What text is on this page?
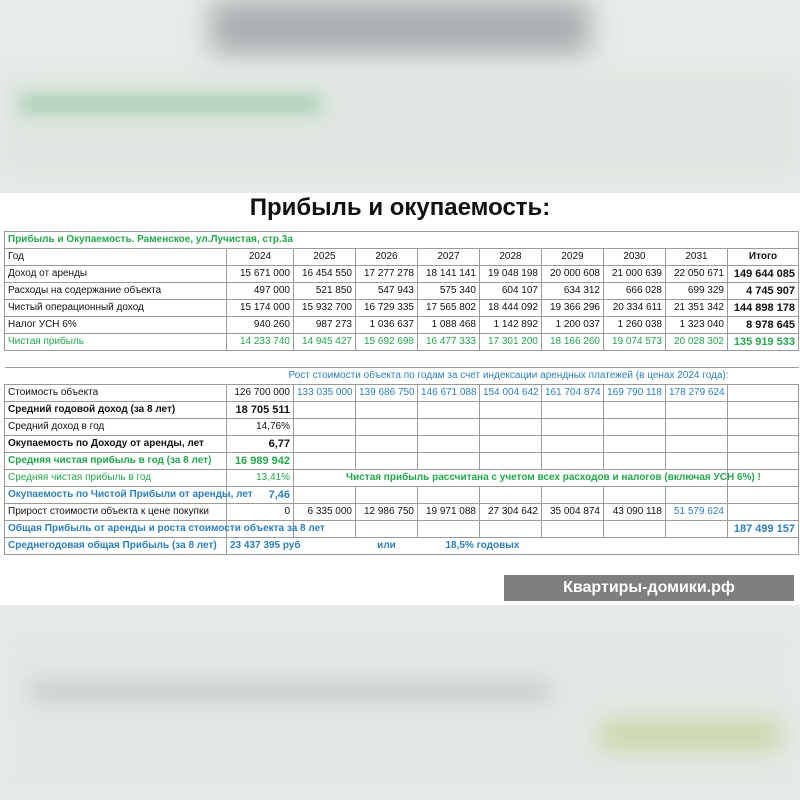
Прибыль и окупаемость:
Прибыль и Окупаемость. Раменское, ул.Лучистая, стр.3а									
Год	2024	2025	2026	2027	2028	2029	2030	2031	Итого
Доход от аренды	15 671 000	16 454 550	17 277 278	18 141 141	19 048 198	20 000 608	21 000 639	22 050 671	149 644 085
Расходы на содержание объекта	497 000	521 850	547 943	575 340	604 107	634 312	666 028	699 329	4 745 907
Чистый операционный доход	15 174 000	15 932 700	16 729 335	17 565 802	18 444 092	19 366 296	20 334 611	21 351 342	144 898 178
Налог УСН 6%	940 260	987 273	1 036 637	1 088 468	1 142 892	1 200 037	1 260 038	1 323 040	8 978 645
Чистая прибыль	14 233 740	14 945 427	15 692 698	16 477 333	17 301 200	18 166 260	19 074 573	20 028 302	135 919 533

	Рост стоимости объекта по годам за счет индексации арендных платежей (в ценах 2024 года):								
Стоимость объекта	126 700 000	133 035 000	139 686 750	146 671 088	154 004 642	161 704 874	169 790 118	178 279 624	
Средний годовой доход (за 8 лет)	18 705 511								
Средний доход в год	14,76%								
Окупаемость по Доходу от аренды, лет	6,77								
Средняя чистая прибыль в год (за 8 лет)	16 989 942								
Средняя чистая прибыль в год	13,41%	Чистая прибыль рассчитана с учетом всех расходов и налогов (включая УСН 6%) !							

Окупаемость по Чистой Прибыли от аренды, лет	7,46								
Прирост стоимости объекта к цене покупки	0	6 335 000	12 986 750	19 971 088	27 304 642	35 004 874	43 090 118	51 579 624	
Общая Прибыль от аренды и роста стоимости объекта за 8 лет									187 499 157
Среднегодовая общая Прибыль (за 8 лет)	23 437 395 руб		или		18,5% годовых				

Квартиры-домики.рф
